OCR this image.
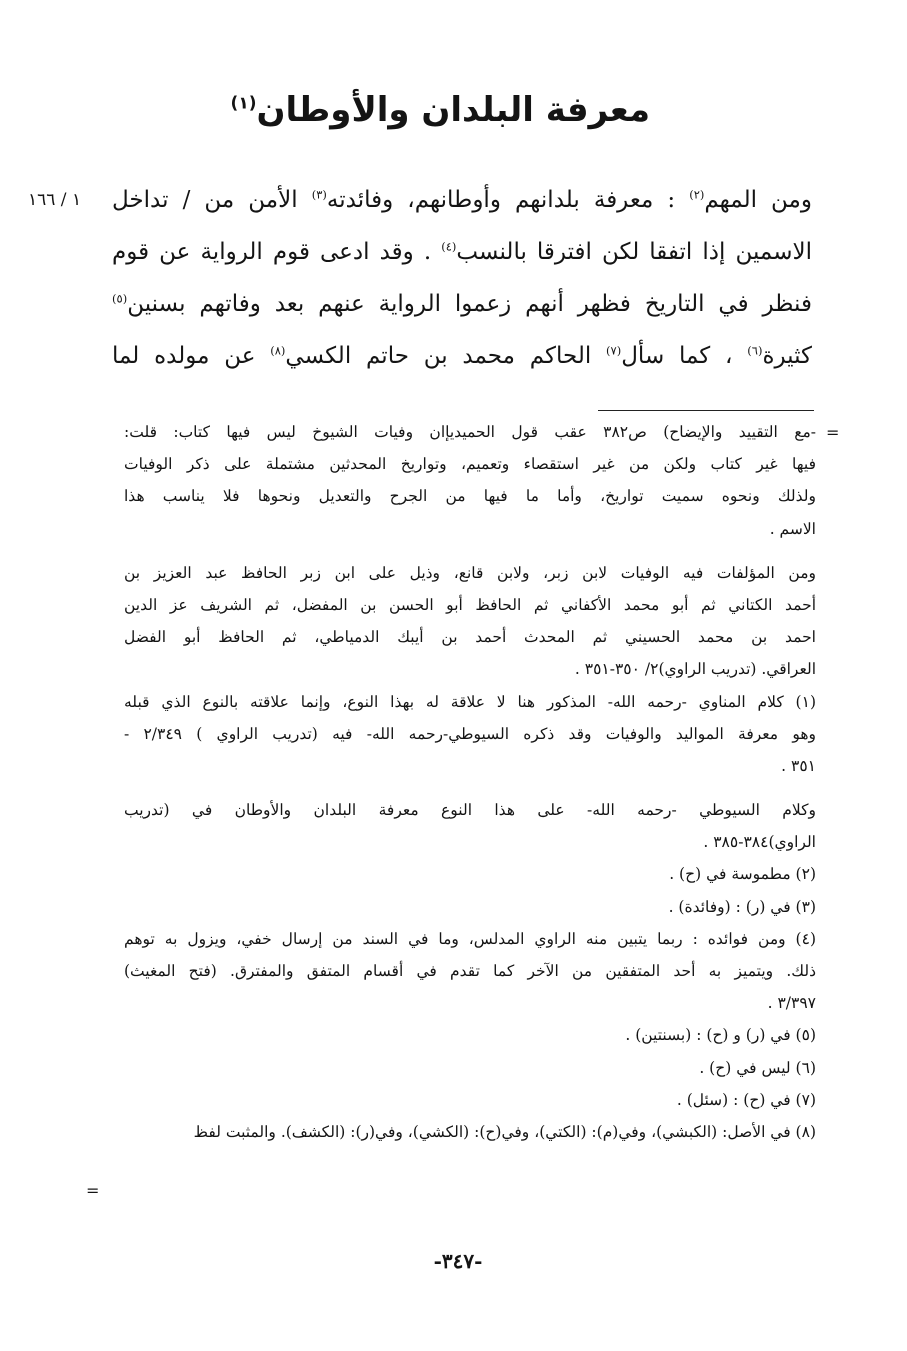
معرفة البلدان والأوطان$^{(١)}$
١ / ١٦٦	ومن المهم$^{(٢)}$ : معرفة بلدانهم وأوطانهم، وفائدته$^{(٣)}$ الأمن من / تداخل
الاسمين إذا اتفقا لكن افترقا بالنسب$^{(٤)}$ . وقد ادعى قوم الرواية عن قوم
فنظر في التاريخ فظهر أنهم زعموا الرواية عنهم بعد وفاتهم بسنين$^{(٥)}$
كثيرة$^{(٦)}$ ، كما سأل$^{(٧)}$ الحاكم محمد بن حاتم الكسي$^{(٨)}$ عن مولده لما
=
-مع التقييد والإيضاح) ص٣٨٢ عقب قول الحميديإان وفيات الشيوخ ليس فيها كتاب: قلت:
فيها غير كتاب ولكن من غير استقصاء وتعميم، وتواريخ المحدثين مشتملة على ذكر الوفيات
ولذلك ونحوه سميت تواريخ، وأما ما فيها من الجرح والتعديل ونحوها فلا يناسب هذا
الاسم .
ومن المؤلفات فيه الوفيات لابن زبر، ولابن قانع، وذيل على ابن زبر الحافظ عبد العزيز بن
أحمد الكتاني ثم أبو محمد الأكفاني ثم الحافظ أبو الحسن بن المفضل، ثم الشريف عز الدين
احمد بن محمد الحسيني ثم المحدث أحمد بن أيبك الدمياطي، ثم الحافظ أبو الفضل
العراقي. (تدريب الراوي)٢/ ٣٥٠-٣٥١ .
(١) كلام المناوي -رحمه الله- المذكور هنا لا علاقة له بهذا النوع، وإنما علاقته بالنوع الذي قبله
وهو معرفة المواليد والوفيات وقد ذكره السيوطي-رحمه الله- فيه (تدريب الراوي ) ٢/٣٤٩ -
٣٥١ .
وكلام السيوطي -رحمه الله- على هذا النوع معرفة البلدان والأوطان في (تدريب
الراوي)٣٨٤-٣٨٥ .
(٢) مطموسة في (ح) .
(٣) في (ر) : (وفائدة) .
(٤) ومن فوائده : ربما يتبين منه الراوي المدلس، وما في السند من إرسال خفي، ويزول به توهم
ذلك. ويتميز به أحد المتفقين من الآخر كما تقدم في أقسام المتفق والمفترق. (فتح المغيث)
٣/٣٩٧ .
(٥) في (ر) و (ح) : (بسنتين) .
(٦) ليس في (ح) .
(٧) في (ح) : (سئل) .
(٨) في الأصل: (الكبشي)، وفي(م): (الكتي)، وفي(ح): (الكشي)، وفي(ر): (الكشف). والمثبت لفظ
=
-٣٤٧-
